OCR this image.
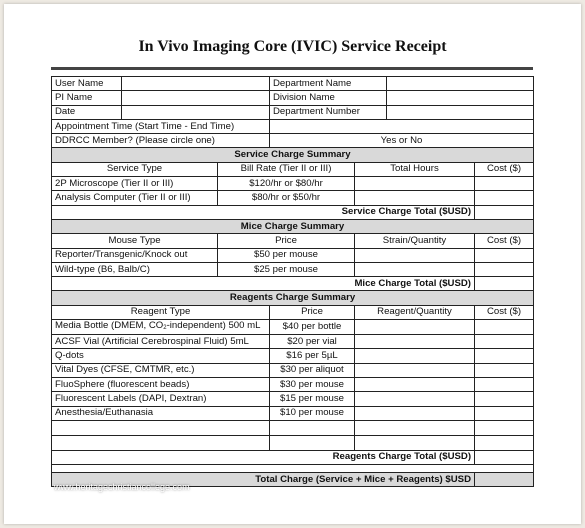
In Vivo Imaging Core (IVIC) Service Receipt
User Name			Department Name			
PI Name			Division Name			
Date			Department Number			
Appointment Time (Start Time - End Time)						
DDRCC Member? (Please circle one)			Yes or No			
Service Charge Summary						
Service Type		Bill Rate (Tier II or III)		Total Hours		Cost ($)
2P Microscope (Tier II or III)		$120/hr or $80/hr				
Analysis Computer (Tier II or III)		$80/hr or $50/hr				
Service Charge Total ($USD)						
Mice Charge Summary						
Mouse Type		Price		Strain/Quantity		Cost ($)
Reporter/Transgenic/Knock out		$50 per mouse				
Wild-type (B6, Balb/C)		$25 per mouse				
Mice Charge Total ($USD)						
Reagents Charge Summary						
Reagent Type			Price	Reagent/Quantity		Cost ($)
Media Bottle (DMEM, CO2-independent) 500 mL			$40 per bottle			
ACSF Vial (Artificial Cerebrospinal Fluid) 5mL			$20 per vial			
Q-dots			$16 per 5µL			
Vital Dyes (CFSE, CMTMR, etc.)			$30 per aliquot			
FluoSphere (fluorescent beads)			$30 per mouse			
Fluorescent Labels (DAPI, Dextran)			$15 per mouse			
Anesthesia/Euthanasia			$10 per mouse			

Reagents Charge Total ($USD)						

Total Charge (Service + Mice + Reagents) $USD						
www.heritagechristiancollege.com
